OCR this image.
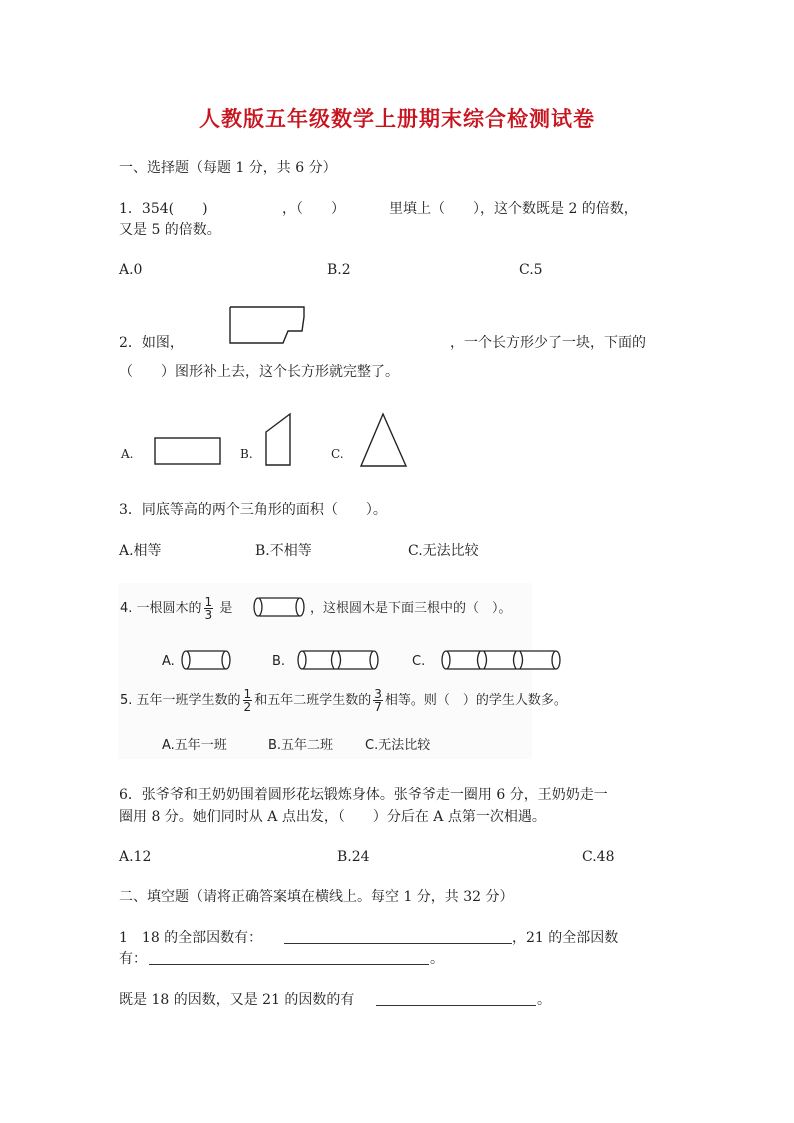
人教版五年级数学上册期末综合检测试卷
一、选择题（每题 1 分，共 6 分）
1．354(　　)	，（　　）	里填上（　　），这个数既是 2 的倍数，
又是 5 的倍数。
A.0	B.2	C.5
2．如图，	，一个长方形少了一块，下面的
（　　）图形补上去，这个长方形就完整了。
A.	B.	C.
3．同底等高的两个三角形的面积（　　）。
A.相等	B.不相等	C.无法比较
4. 一根圆木的 $\frac{1}{3}$ 是	，这根圆木是下面三根中的（　）。
A.	B.	C.
5. 五年一班学生数的 $\frac{1}{2}$ 和五年二班学生数的 $\frac{3}{7}$ 相等。则（　）的学生人数多。
A.五年一班	B.五年二班 C.无法比较
6．张爷爷和王奶奶围着圆形花坛锻炼身体。张爷爷走一圈用 6 分，王奶奶走一
圈用 8 分。她们同时从 A 点出发，（　　）分后在 A 点第一次相遇。
A.12	B.24	C.48
二、填空题（请将正确答案填在横线上。每空 1 分，共 32 分）
1　18 的全部因数有：	，21 的全部因数
有：	。
既是 18 的因数，又是 21 的因数的有	。
